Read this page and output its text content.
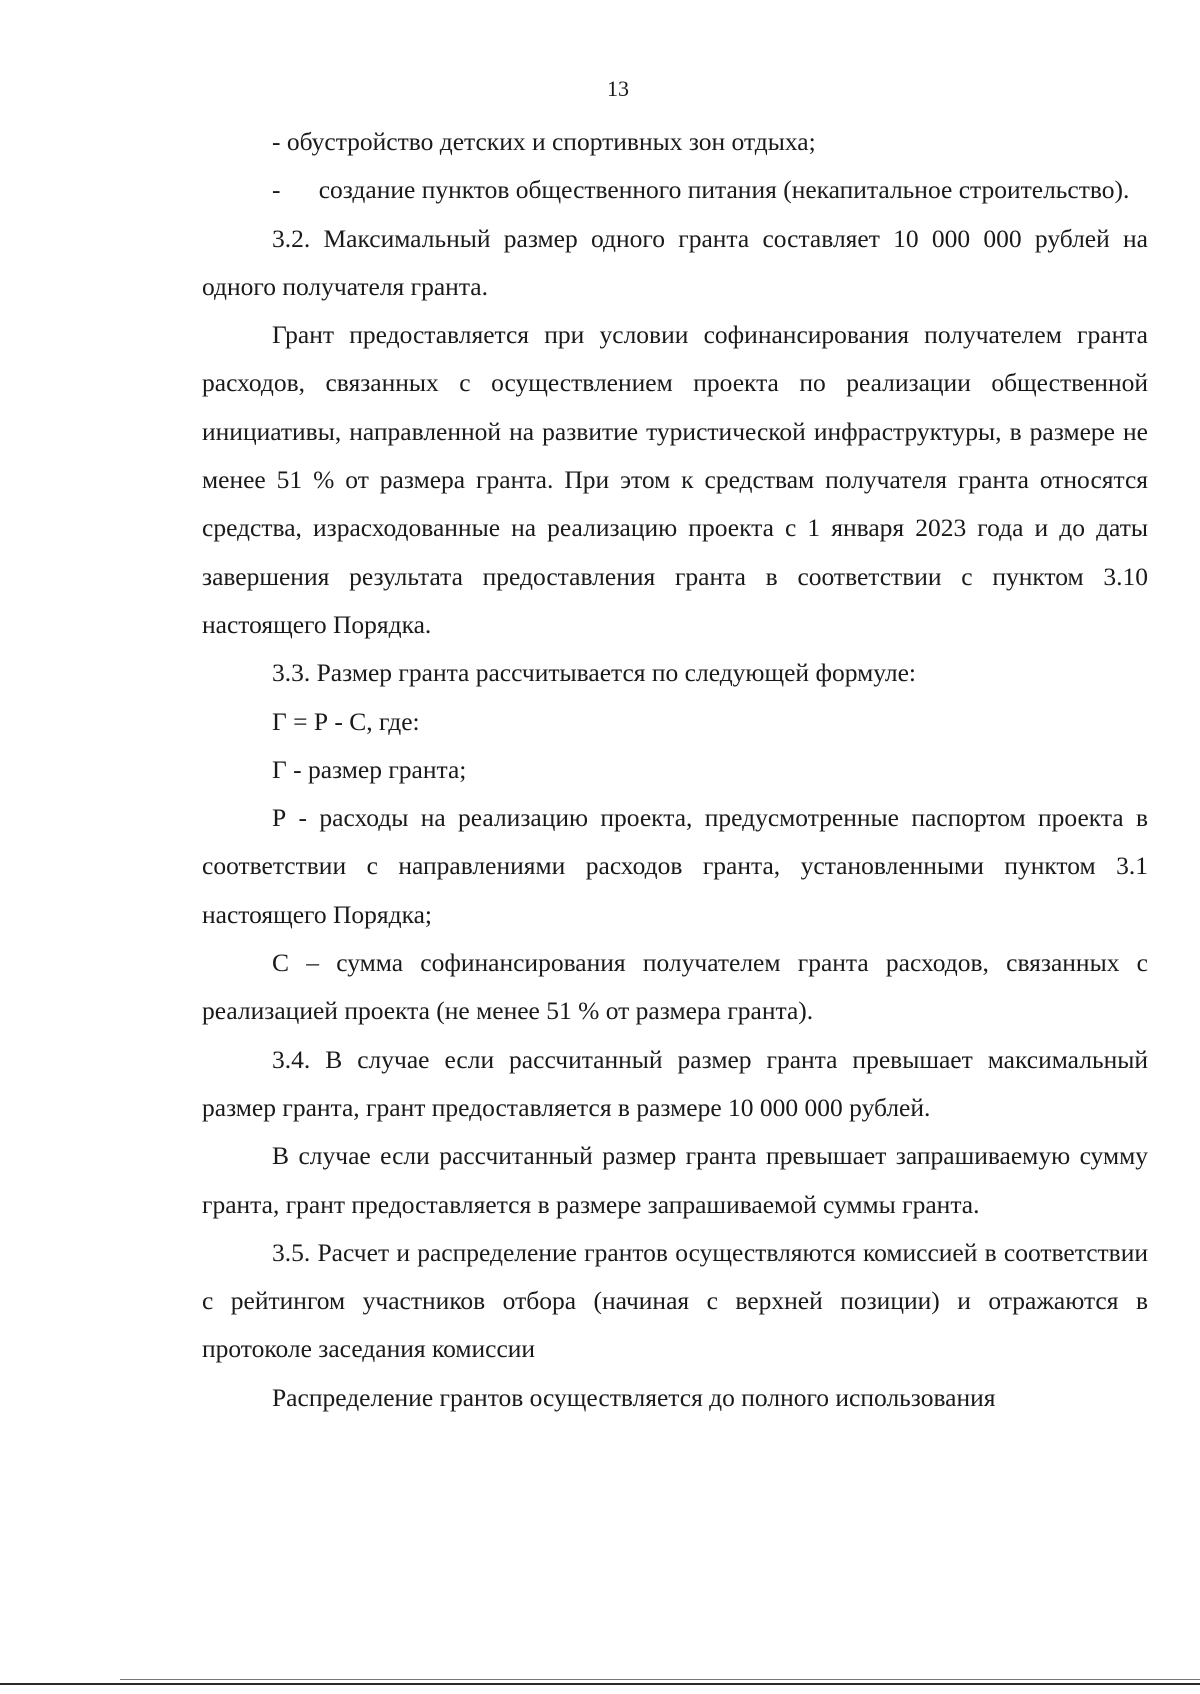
13

- обустройство детских и спортивных зон отдыха;

-      создание пунктов общественного питания (некапитальное строительство).

3.2. Максимальный размер одного гранта составляет 10 000 000 рублей на одного получателя гранта.

Грант предоставляется при условии софинансирования получателем гранта расходов, связанных с осуществлением проекта по реализации общественной инициативы, направленной на развитие туристической инфраструктуры, в размере не менее 51 % от размера гранта. При этом к средствам получателя гранта относятся средства, израсходованные на реализацию проекта с 1 января 2023 года и до даты завершения результата предоставления гранта в соответствии с пунктом 3.10 настоящего Порядка.

3.3. Размер гранта рассчитывается по следующей формуле:

Г = Р - С, где:

Г - размер гранта;

Р - расходы на реализацию проекта, предусмотренные паспортом проекта в соответствии с направлениями расходов гранта, установленными пунктом 3.1 настоящего Порядка;

С – сумма софинансирования получателем гранта расходов, связанных с реализацией проекта (не менее 51 % от размера гранта).

3.4. В случае если рассчитанный размер гранта превышает максимальный размер гранта, грант предоставляется в размере 10 000 000 рублей.

В случае если рассчитанный размер гранта превышает запрашиваемую сумму гранта, грант предоставляется в размере запрашиваемой суммы гранта.

3.5. Расчет и распределение грантов осуществляются комиссией в соответствии с рейтингом участников отбора (начиная с верхней позиции) и отражаются в протоколе заседания комиссии

Распределение грантов осуществляется до полного использования
